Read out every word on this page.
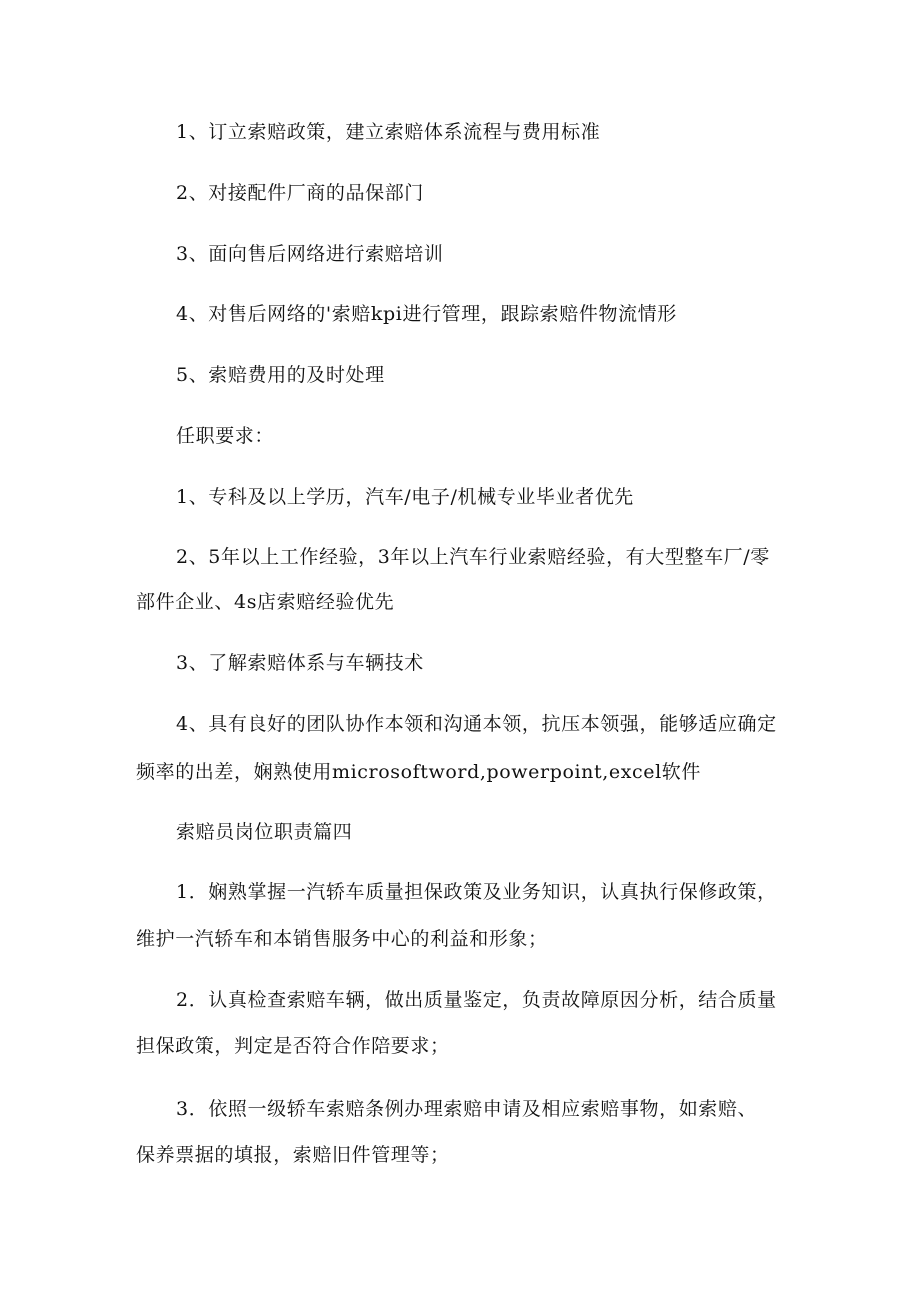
1、订立索赔政策，建立索赔体系流程与费用标准
2、对接配件厂商的品保部门
3、面向售后网络进行索赔培训
4、对售后网络的'索赔kpi进行管理，跟踪索赔件物流情形
5、索赔费用的及时处理
任职要求：
1、专科及以上学历，汽车/电子/机械专业毕业者优先
2、5年以上工作经验，3年以上汽车行业索赔经验，有大型整车厂/零
部件企业、4s店索赔经验优先
3、了解索赔体系与车辆技术
4、具有良好的团队协作本领和沟通本领，抗压本领强，能够适应确定
频率的出差，娴熟使用microsoftword,powerpoint,excel软件
索赔员岗位职责篇四
1．娴熟掌握一汽轿车质量担保政策及业务知识，认真执行保修政策，
维护一汽轿车和本销售服务中心的利益和形象；
2．认真检查索赔车辆，做出质量鉴定，负责故障原因分析，结合质量
担保政策，判定是否符合作陪要求；
3．依照一级轿车索赔条例办理索赔申请及相应索赔事物，如索赔、
保养票据的填报，索赔旧件管理等；
